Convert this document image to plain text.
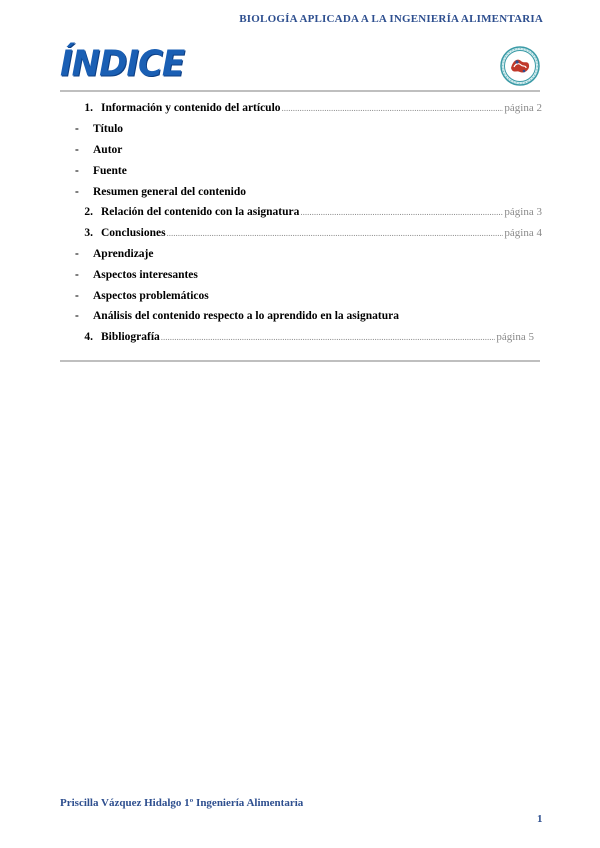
BIOLOGÍA APLICADA A LA INGENIERÍA ALIMENTARIA
ÍNDICE
1. Información y contenido del artículo .....	página 2
-	Título
-	Autor
-	Fuente
-	Resumen general del contenido
2. Relación del contenido con la asignatura .....	página 3
3. Conclusiones .....	página 4
-	Aprendizaje
-	Aspectos interesantes
-	Aspectos problemáticos
-	Análisis del contenido respecto a lo aprendido en la asignatura
4. Bibliografía .....	página 5
Priscilla Vázquez Hidalgo 1º Ingeniería Alimentaria
1
